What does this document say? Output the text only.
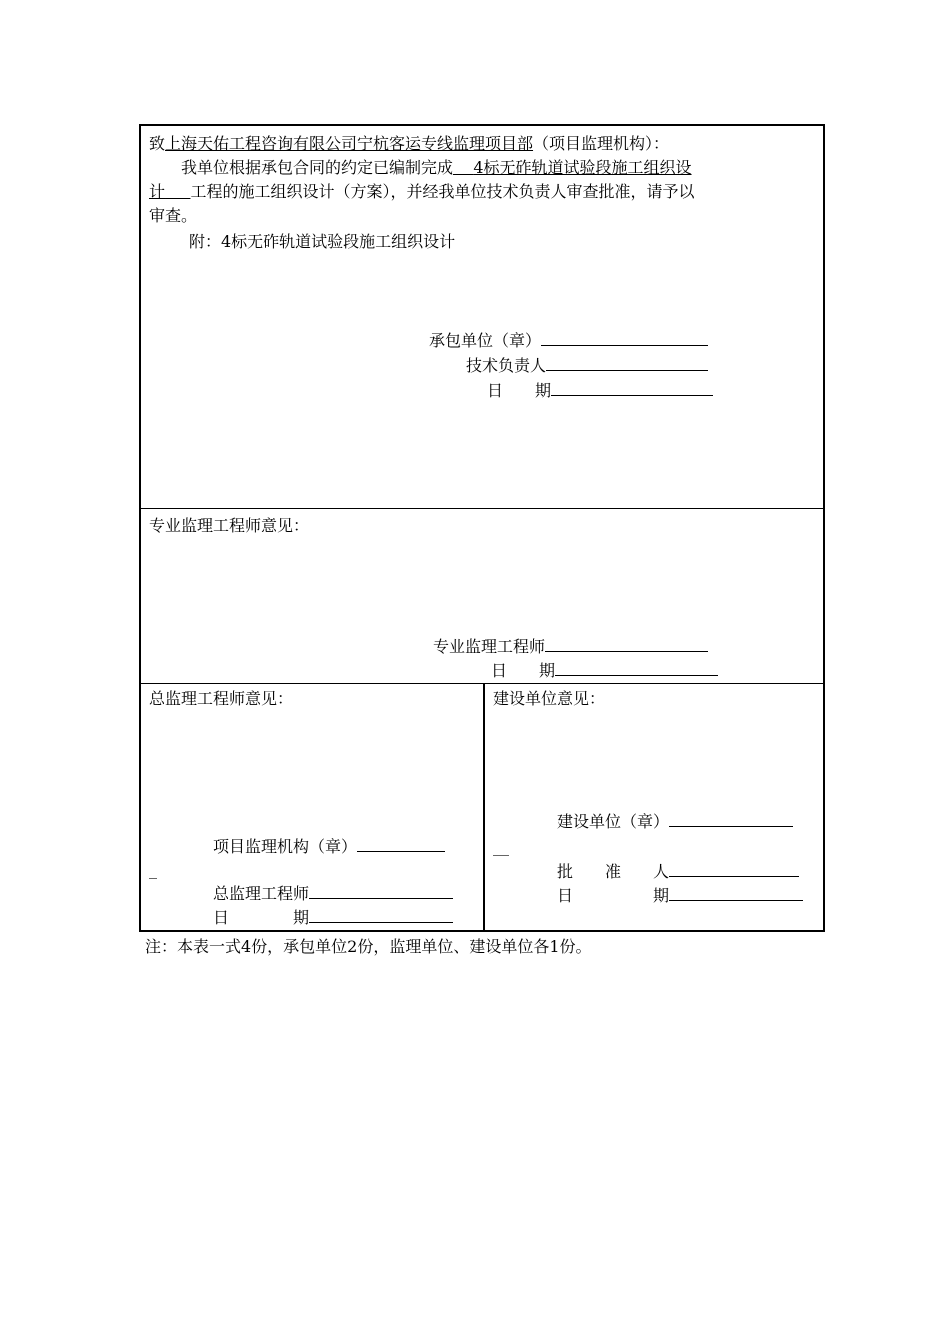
致上海天佑工程咨询有限公司宁杭客运专线监理项目部（项目监理机构）：
我单位根据承包合同的约定已编制完成 4标无砟轨道试验段施工组织设
计 工程的施工组织设计（方案），并经我单位技术负责人审查批准，请予以
审查。
附：4标无砟轨道试验段施工组织设计
承包单位（章）
技术负责人
日　　期
专业监理工程师意见：
专业监理工程师
日　　期
总监理工程师意见：
项目监理机构（章）
_
总监理工程师
日　　　　期
建设单位意见：
建设单位（章）
__
批　　准　　人
日　　　　　期
注：本表一式4份，承包单位2份，监理单位、建设单位各1份。
